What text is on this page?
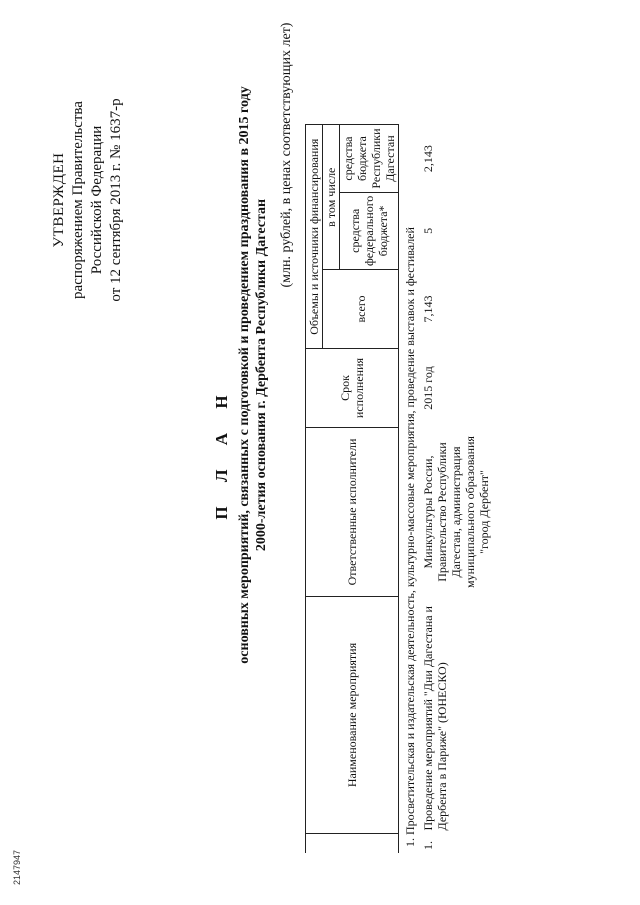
УТВЕРЖДЕН распоряжением Правительства Российской Федерации от 12 сентября 2013 г. № 1637-р
П Л А Н основных мероприятий, связанных с подготовкой и проведением празднования в 2015 году 2000-летия основания г. Дербента Республики Дагестан
(млн. рублей, в ценах соответствующих лет)
	Наименование мероприятия	Ответственные исполнители	Срок исполнения	Объемы и источники финансирования		
				всего	в том числе	
					средства федерального бюджета*	средства бюджета Республики Дагестан
1. Просветительская и издательская деятельность, культурно-массовые мероприятия, проведение выставок и фестивалей						
1.	Проведение мероприятий "Дни Дагестана и Дербента в Париже" (ЮНЕСКО)	Минкультуры России, Правительство Республики Дагестан, администрация муниципального образования "город Дербент"	2015 год	7,143	5	2,143
2147947
